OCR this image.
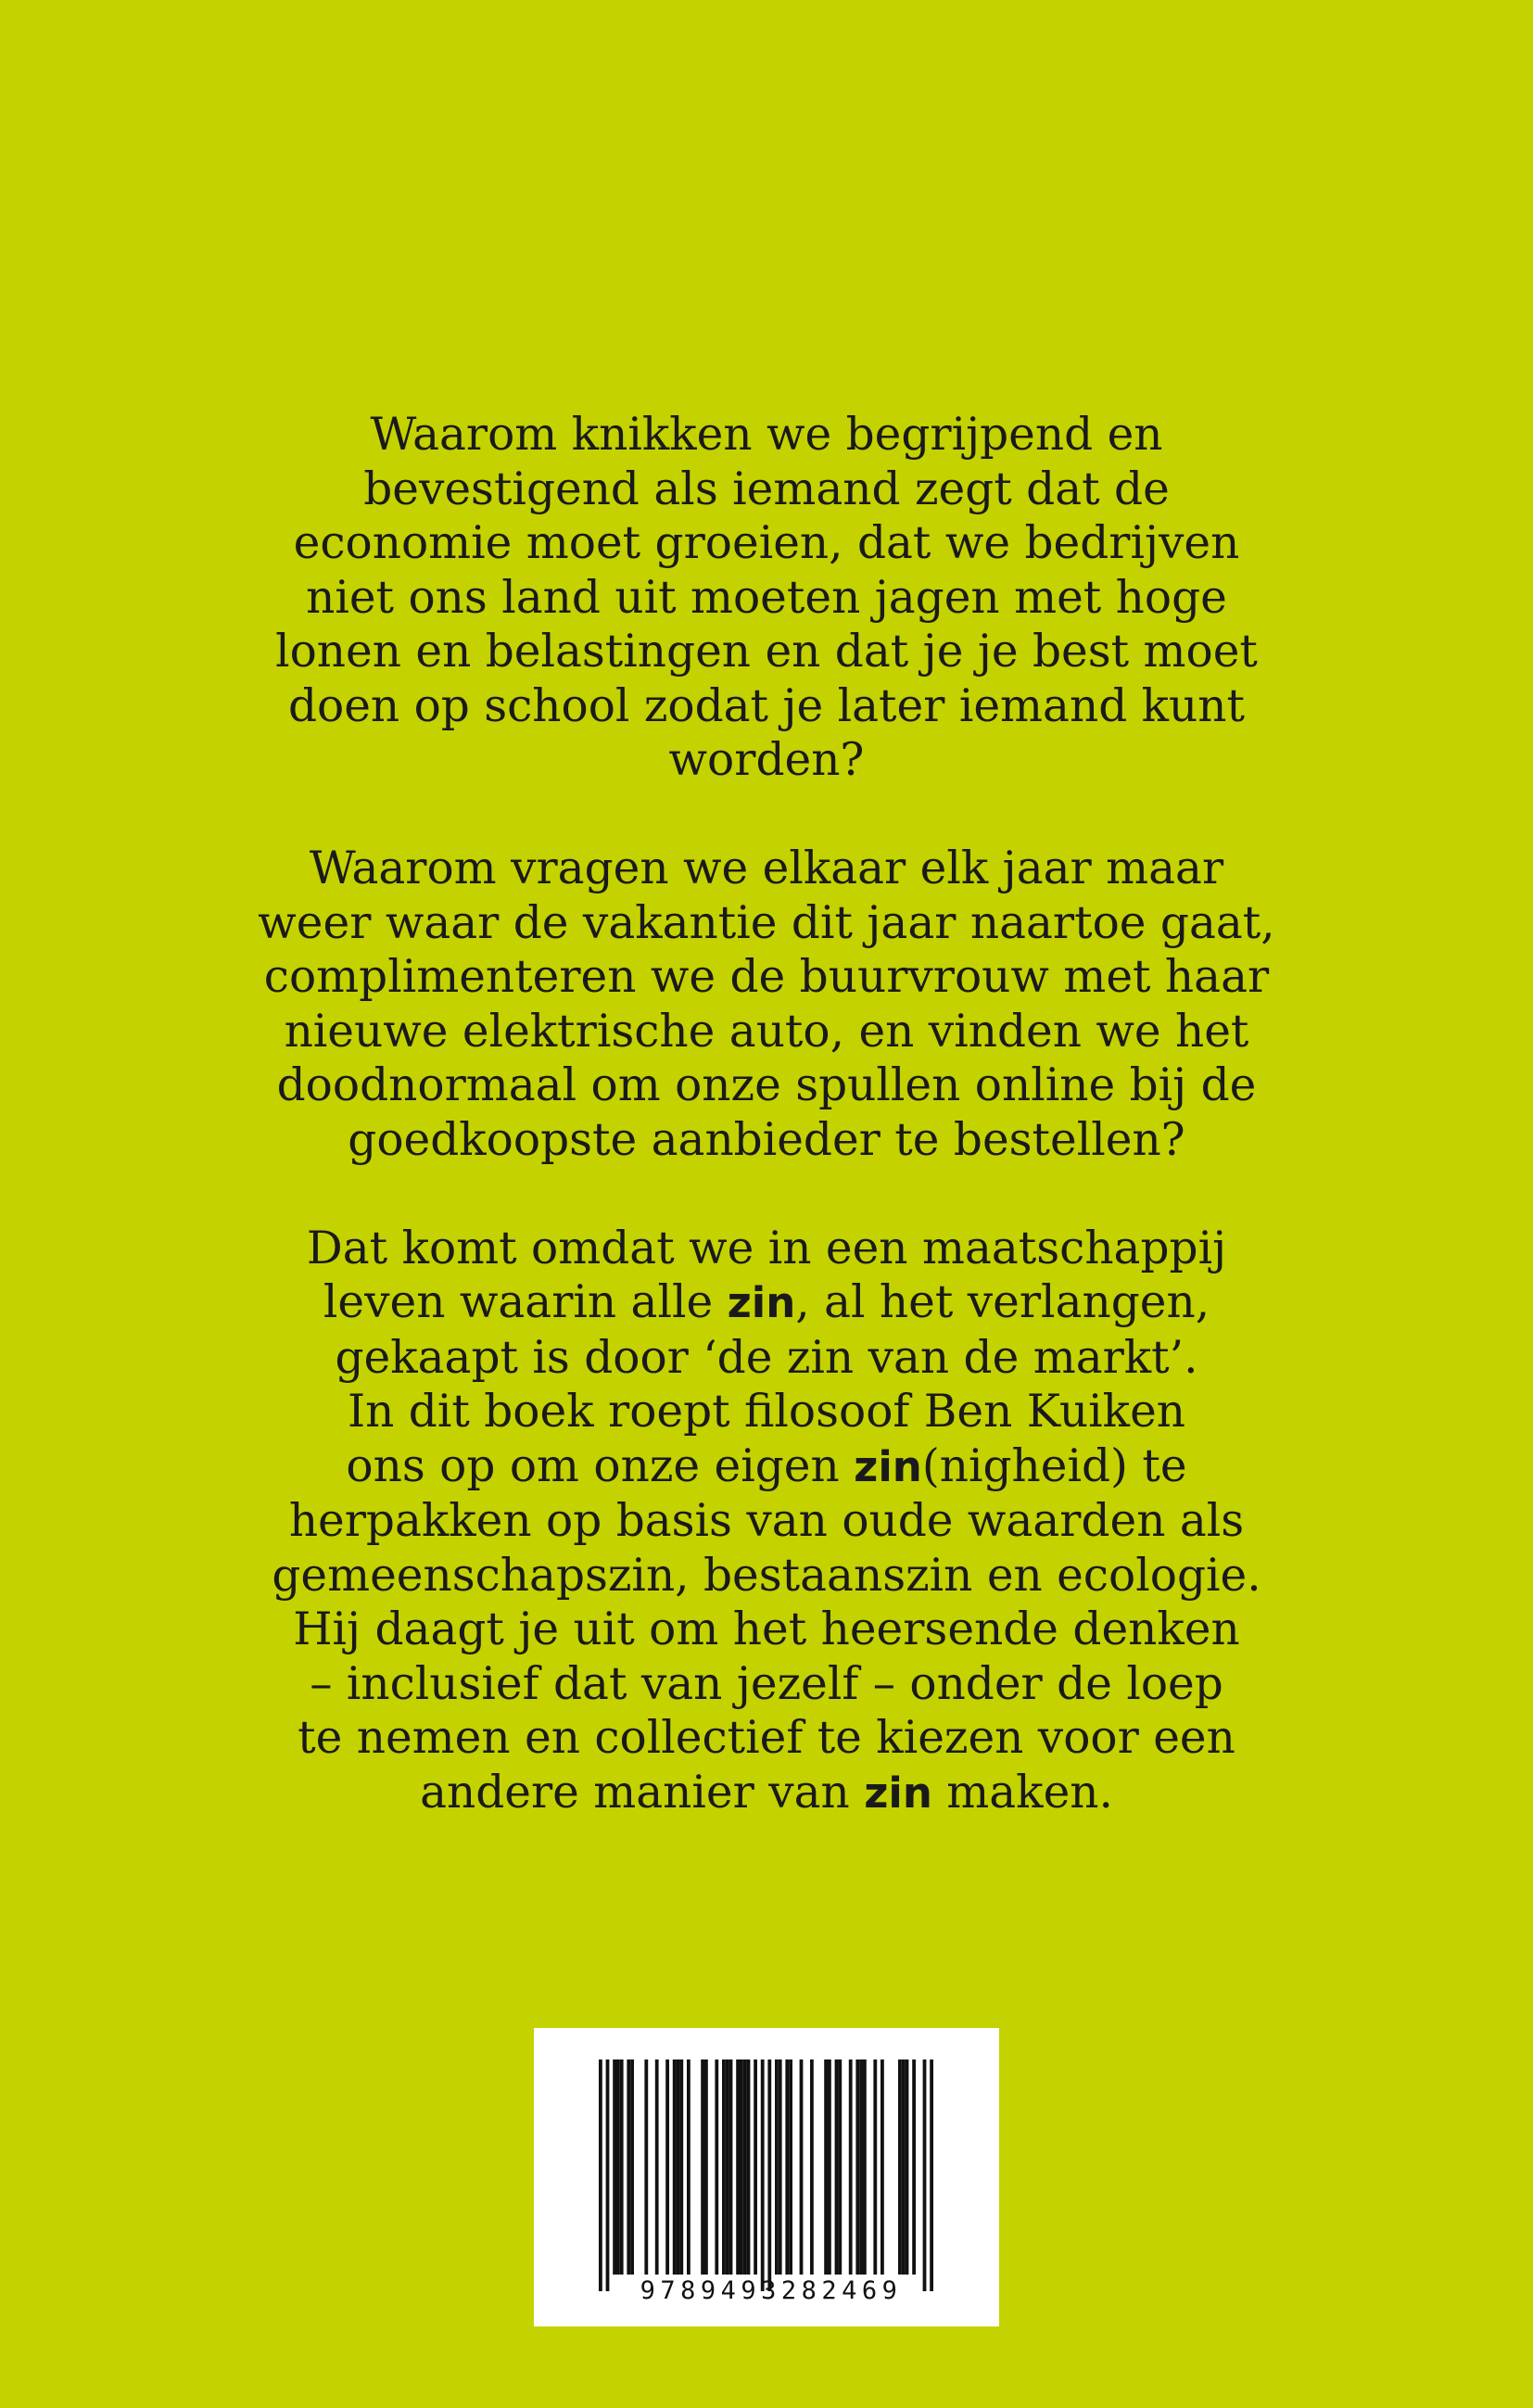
Waarom knikken we begrijpend en
bevestigend als iemand zegt dat de
economie moet groeien, dat we bedrijven
niet ons land uit moeten jagen met hoge
lonen en belastingen en dat je je best moet
doen op school zodat je later iemand kunt
worden?

Waarom vragen we elkaar elk jaar maar
weer waar de vakantie dit jaar naartoe gaat,
complimenteren we de buurvrouw met haar
nieuwe elektrische auto, en vinden we het
doodnormaal om onze spullen online bij de
goedkoopste aanbieder te bestellen?

Dat komt omdat we in een maatschappij
leven waarin alle zin, al het verlangen,
gekaapt is door ‘de zin van de markt’.
In dit boek roept filosoof Ben Kuiken
ons op om onze eigen zin(nigheid) te
herpakken op basis van oude waarden als
gemeenschapszin, bestaanszin en ecologie.
Hij daagt je uit om het heersende denken
– inclusief dat van jezelf – onder de loep
te nemen en collectief te kiezen voor een
andere manier van zin maken.

9789493282469
